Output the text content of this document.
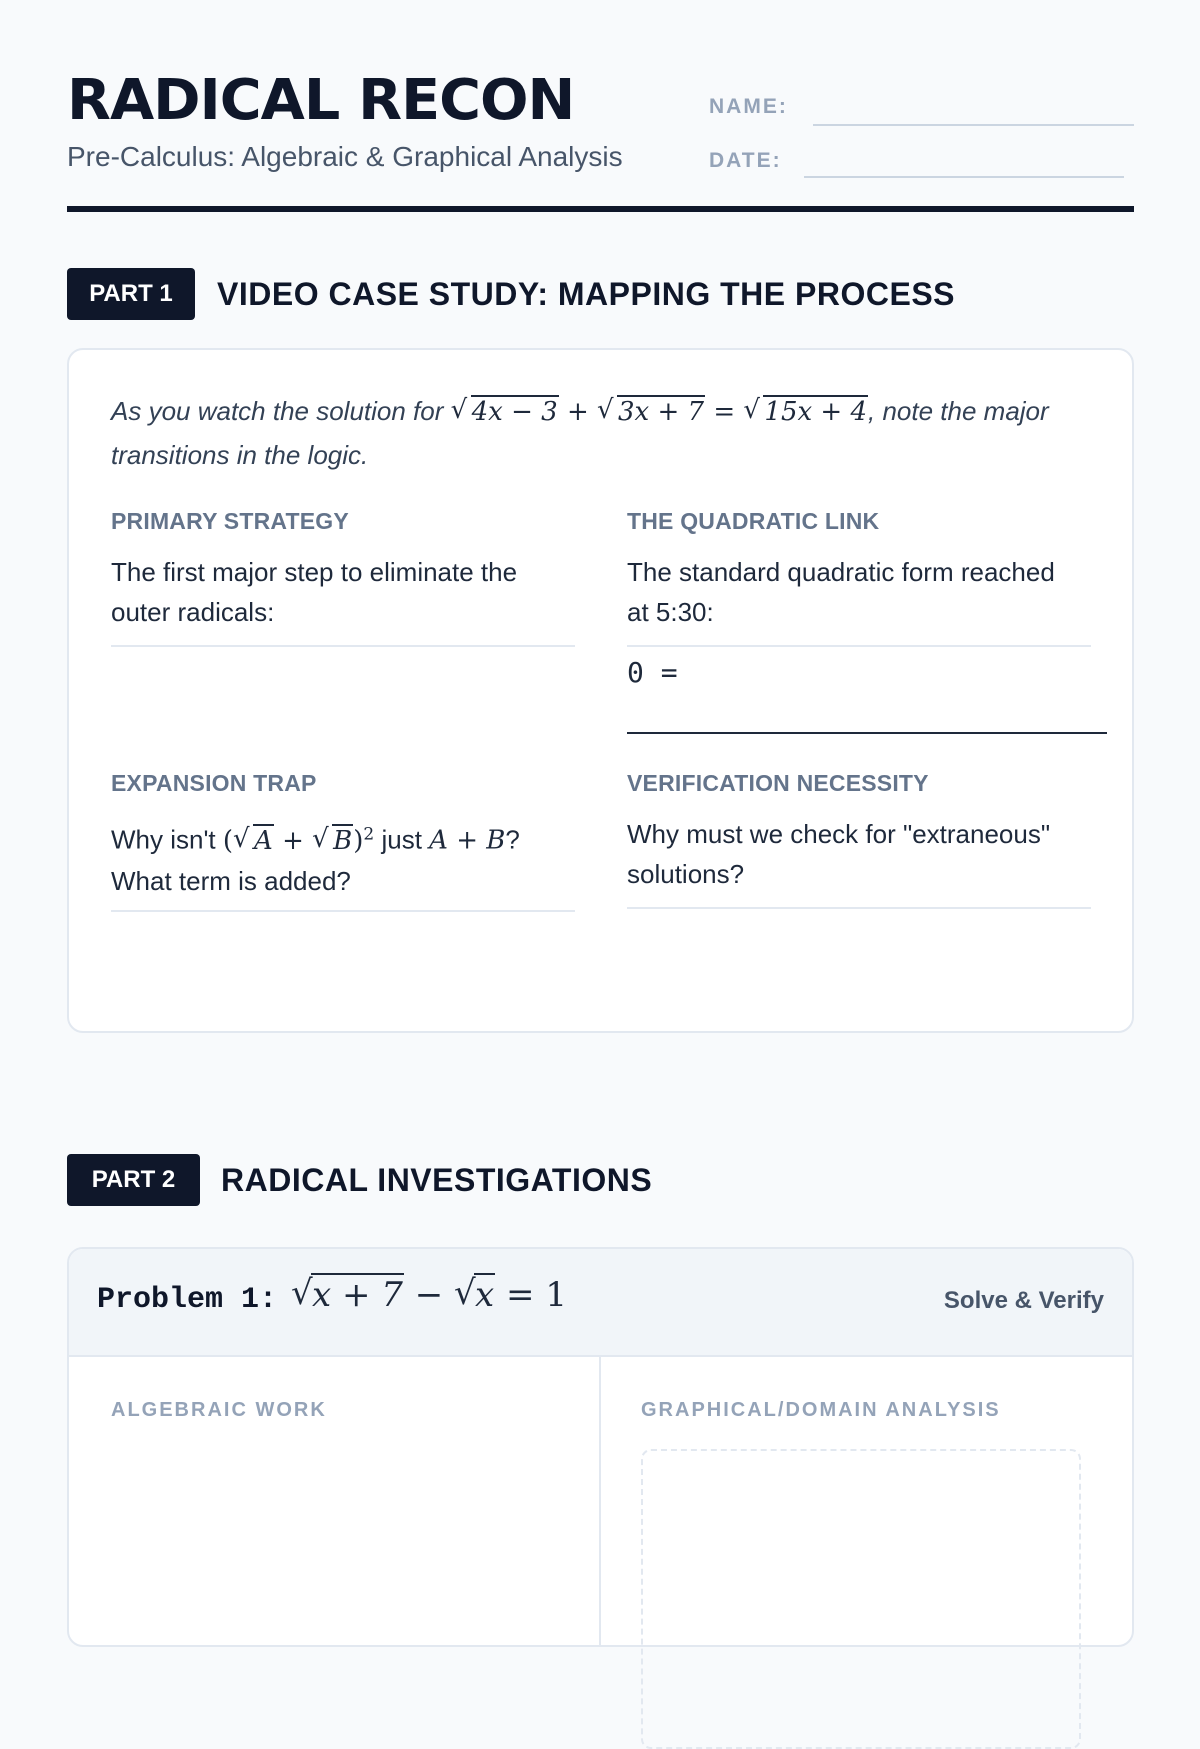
RADICAL RECON
Pre-Calculus: Algebraic & Graphical Analysis
NAME:
DATE:
PART 1	VIDEO CASE STUDY: MAPPING THE PROCESS
As you watch the solution for √ 4x − 3 + √ 3x + 7 = √ 15x + 4, note the major transitions in the logic.
PRIMARY STRATEGY
The first major step to eliminate the outer radicals:
THE QUADRATIC LINK
The standard quadratic form reached at 5:30:
0 =
EXPANSION TRAP
Why isn't ( √ A + √ B)$^2$ just A + B? What term is added?
VERIFICATION NECESSITY
Why must we check for "extraneous" solutions?
PART 2	RADICAL INVESTIGATIONS
Problem 1:	√ x + 7 − √ x = 1	Solve & Verify
ALGEBRAIC WORK	GRAPHICAL/DOMAIN ANALYSIS
